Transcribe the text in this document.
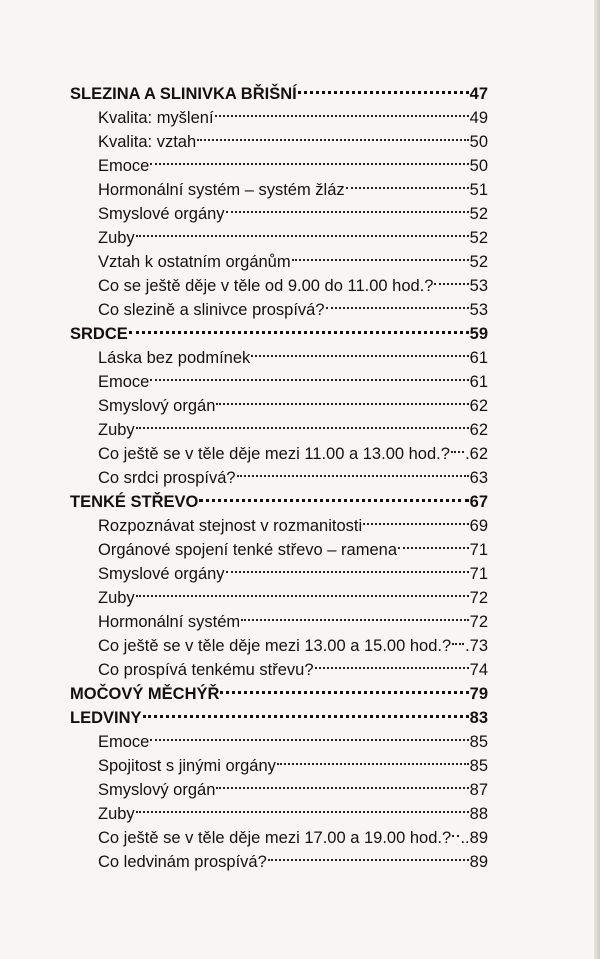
SLEZINA A SLINIVKA BŘIŠNÍ	47
Kvalita: myšlení	49
Kvalita: vztah	50
Emoce	50
Hormonální systém – systém žláz	51
Smyslové orgány	52
Zuby	52
Vztah k ostatním orgánům	52
Co se ještě děje v těle od 9.00 do 11.00 hod.? 53
Co slezině a slinivce prospívá?	53
SRDCE	59
Láska bez podmínek	61
Emoce	61
Smyslový orgán	62
Zuby	62
Co ještě se v těle děje mezi 11.00 a 13.00 hod.? .62
Co srdci prospívá?	63
TENKÉ STŘEVO	67
Rozpoznávat stejnost v rozmanitosti	69
Orgánové spojení tenké střevo – ramena	71
Smyslové orgány	71
Zuby	72
Hormonální systém	72
Co ještě se v těle děje mezi 13.00 a 15.00 hod.? .73
Co prospívá tenkému střevu?	74
MOČOVÝ MĚCHÝŘ	79
LEDVINY	83
Emoce	85
Spojitost s jinými orgány	85
Smyslový orgán	87
Zuby	88
Co ještě se v těle děje mezi 17.00 a 19.00 hod.? ..89
Co ledvinám prospívá?	89
